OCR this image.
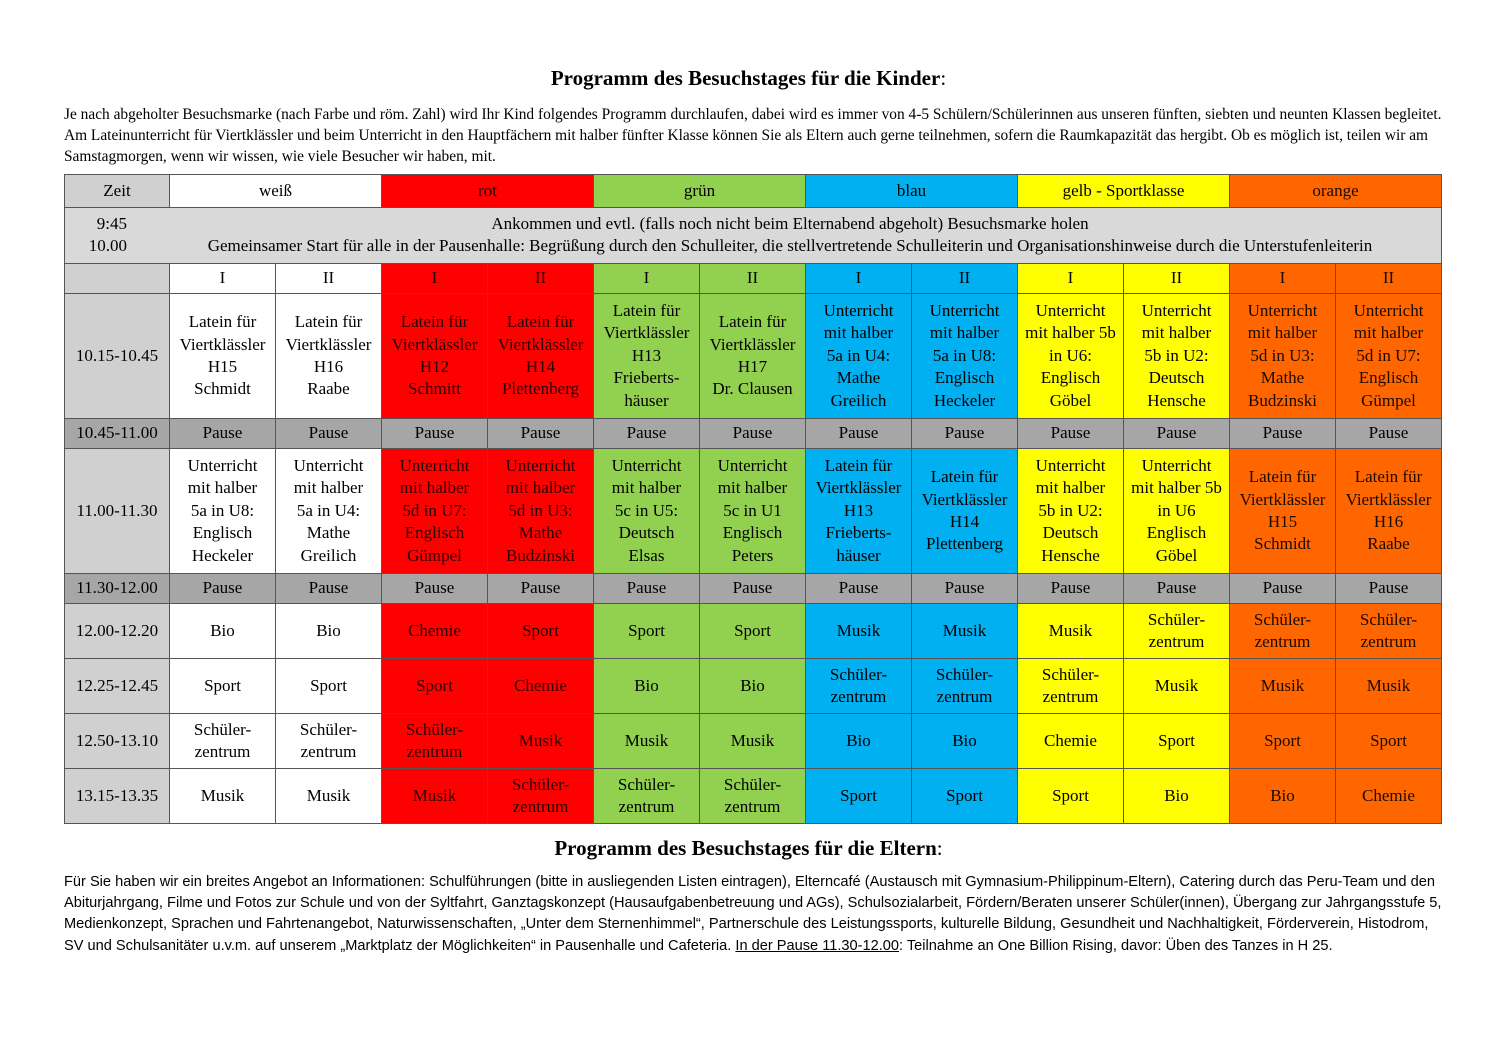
Programm des Besuchstages für die Kinder:
Je nach abgeholter Besuchsmarke (nach Farbe und röm. Zahl) wird Ihr Kind folgendes Programm durchlaufen, dabei wird es immer von 4-5 Schülern/Schülerinnen aus unseren fünften, siebten und neunten Klassen begleitet. Am Lateinunterricht für Viertklässler und beim Unterricht in den Hauptfächern mit halber fünfter Klasse können Sie als Eltern auch gerne teilnehmen, sofern die Raumkapazität das hergibt. Ob es möglich ist, teilen wir am Samstagmorgen, wenn wir wissen, wie viele Besucher wir haben, mit.
Zeit	weiß		rot		grün		blau		gelb - Sportklasse		orange	

9:45 Ankommen und evtl. (falls noch nicht beim Elternabend abgeholt) Besuchsmarke holen
10.00 Gemeinsamer Start für alle in der Pausenhalle: Begrüßung durch den Schulleiter, die stellvertretende Schulleiterin und Organisationshinweise durch die Unterstufenleiterin												

	I	II	I	II	I	II	I	II	I	II	I	II
10.15-10.45	Latein für
Viertklässler
H15
Schmidt	Latein für
Viertklässler
H16
Raabe	Latein für
Viertklässler
H12
Schmitt	Latein für
Viertklässler
H14
Plettenberg	Latein für
Viertklässler
H13
Frieberts-
häuser	Latein für
Viertklässler
H17
Dr. Clausen	Unterricht
mit halber
5a in U4:
Mathe
Greilich	Unterricht
mit halber
5a in U8:
Englisch
Heckeler	Unterricht
mit halber 5b
in U6:
Englisch
Göbel	Unterricht
mit halber
5b in U2:
Deutsch
Hensche	Unterricht
mit halber
5d in U3:
Mathe
Budzinski	Unterricht
mit halber
5d in U7:
Englisch
Gümpel
10.45-11.00	Pause	Pause	Pause	Pause	Pause	Pause	Pause	Pause	Pause	Pause	Pause	Pause
11.00-11.30	Unterricht
mit halber
5a in U8:
Englisch
Heckeler	Unterricht
mit halber
5a in U4:
Mathe
Greilich	Unterricht
mit halber
5d in U7:
Englisch
Gümpel	Unterricht
mit halber
5d in U3:
Mathe
Budzinski	Unterricht
mit halber
5c in U5:
Deutsch
Elsas	Unterricht
mit halber
5c in U1
Englisch
Peters	Latein für
Viertklässler
H13
Frieberts-
häuser	Latein für
Viertklässler
H14
Plettenberg	Unterricht
mit halber
5b in U2:
Deutsch
Hensche	Unterricht
mit halber 5b
in U6
Englisch
Göbel	Latein für
Viertklässler
H15
Schmidt	Latein für
Viertklässler
H16
Raabe
11.30-12.00	Pause	Pause	Pause	Pause	Pause	Pause	Pause	Pause	Pause	Pause	Pause	Pause
12.00-12.20	Bio	Bio	Chemie	Sport	Sport	Sport	Musik	Musik	Musik	Schüler-
zentrum	Schüler-
zentrum	Schüler-
zentrum
12.25-12.45	Sport	Sport	Sport	Chemie	Bio	Bio	Schüler-
zentrum	Schüler-
zentrum	Schüler-
zentrum	Musik	Musik	Musik
12.50-13.10	Schüler-
zentrum	Schüler-
zentrum	Schüler-
zentrum	Musik	Musik	Musik	Bio	Bio	Chemie	Sport	Sport	Sport
13.15-13.35	Musik	Musik	Musik	Schüler-
zentrum	Schüler-
zentrum	Schüler-
zentrum	Sport	Sport	Sport	Bio	Bio	Chemie
Programm des Besuchstages für die Eltern:
Für Sie haben wir ein breites Angebot an Informationen: Schulführungen (bitte in ausliegenden Listen eintragen), Elterncafé (Austausch mit Gymnasium-Philippinum-Eltern), Catering durch das Peru-Team und den Abiturjahrgang, Filme und Fotos zur Schule und von der Syltfahrt, Ganztagskonzept (Hausaufgabenbetreuung und AGs), Schulsozialarbeit, Fördern/Beraten unserer Schüler(innen), Übergang zur Jahrgangsstufe 5, Medienkonzept, Sprachen und Fahrtenangebot, Naturwissenschaften, „Unter dem Sternenhimmel“, Partnerschule des Leistungssports, kulturelle Bildung, Gesundheit und Nachhaltigkeit, Förderverein, Histodrom, SV und Schulsanitäter u.v.m. auf unserem „Marktplatz der Möglichkeiten“ in Pausenhalle und Cafeteria. In der Pause 11.30-12.00: Teilnahme an One Billion Rising, davor: Üben des Tanzes in H 25.
